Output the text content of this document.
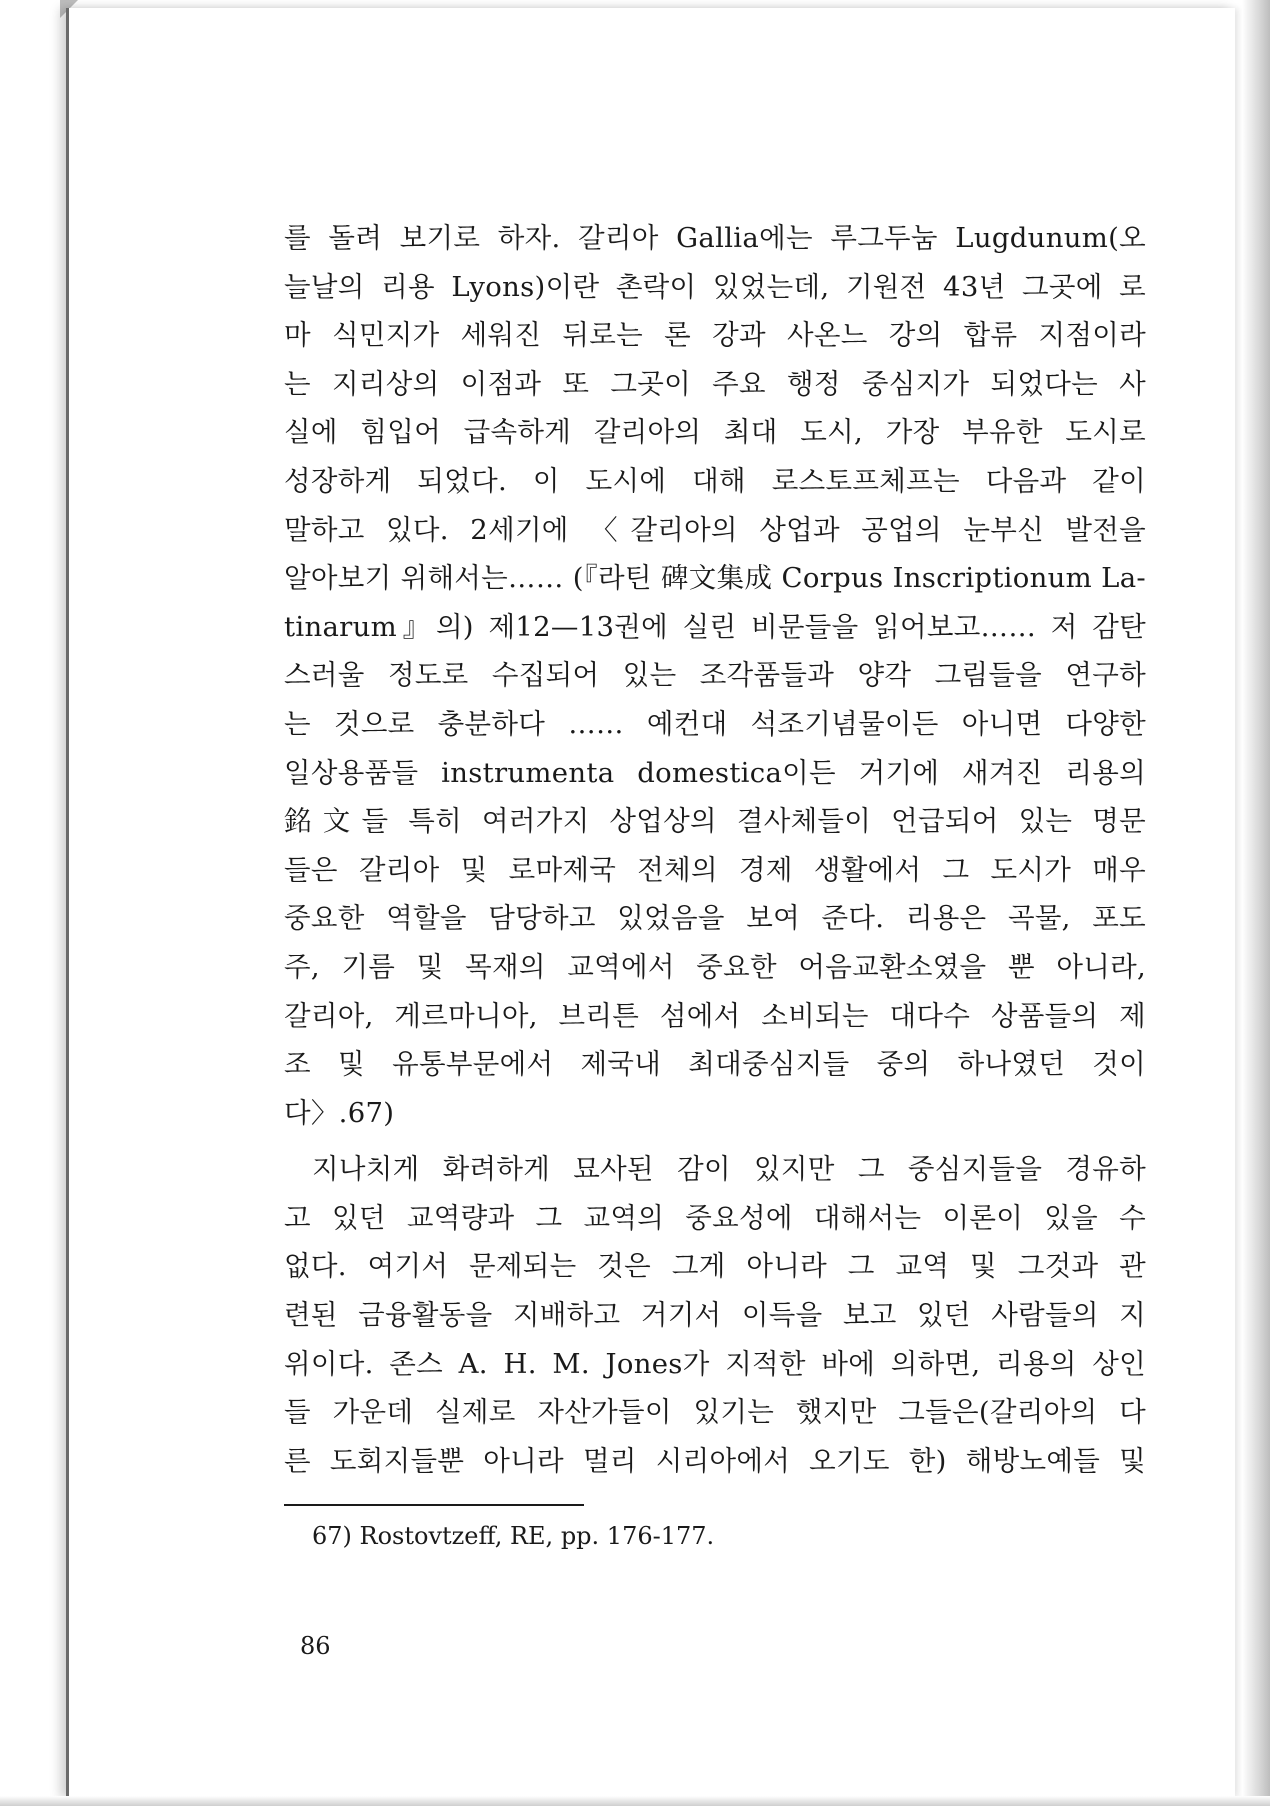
를 돌려 보기로 하자. 갈리아 Gallia에는 루그두눔 Lugdunum(오
늘날의 리용 Lyons)이란 촌락이 있었는데, 기원전 43년 그곳에 로
마 식민지가 세워진 뒤로는 론 강과 사온느 강의 합류 지점이라
는 지리상의 이점과 또 그곳이 주요 행정 중심지가 되었다는 사
실에 힘입어 급속하게 갈리아의 최대 도시, 가장 부유한 도시로
성장하게 되었다. 이 도시에 대해 로스토프체프는 다음과 같이
말하고 있다. 2세기에 〈갈리아의 상업과 공업의 눈부신 발전을
알아보기 위해서는…… (『라틴 碑文集成 Corpus Inscriptionum La-
tinarum』의) 제12—13권에 실린 비문들을 읽어보고…… 저 감탄
스러울 정도로 수집되어 있는 조각품들과 양각 그림들을 연구하
는 것으로 충분하다 …… 예컨대 석조기념물이든 아니면 다양한
일상용품들 instrumenta domestica이든 거기에 새겨진 리용의
銘文들 특히 여러가지 상업상의 결사체들이 언급되어 있는 명문
들은 갈리아 및 로마제국 전체의 경제 생활에서 그 도시가 매우
중요한 역할을 담당하고 있었음을 보여 준다. 리용은 곡물, 포도
주, 기름 및 목재의 교역에서 중요한 어음교환소였을 뿐 아니라,
갈리아, 게르마니아, 브리튼 섬에서 소비되는 대다수 상품들의 제
조 및 유통부문에서 제국내 최대중심지들 중의 하나였던 것이
다〉.67)
지나치게 화려하게 묘사된 감이 있지만 그 중심지들을 경유하
고 있던 교역량과 그 교역의 중요성에 대해서는 이론이 있을 수
없다. 여기서 문제되는 것은 그게 아니라 그 교역 및 그것과 관
련된 금융활동을 지배하고 거기서 이득을 보고 있던 사람들의 지
위이다. 존스 A. H. M. Jones가 지적한 바에 의하면, 리용의 상인
들 가운데 실제로 자산가들이 있기는 했지만 그들은(갈리아의 다
른 도회지들뿐 아니라 멀리 시리아에서 오기도 한) 해방노예들 및
67) Rostovtzeff, RE, pp. 176-177.
86
